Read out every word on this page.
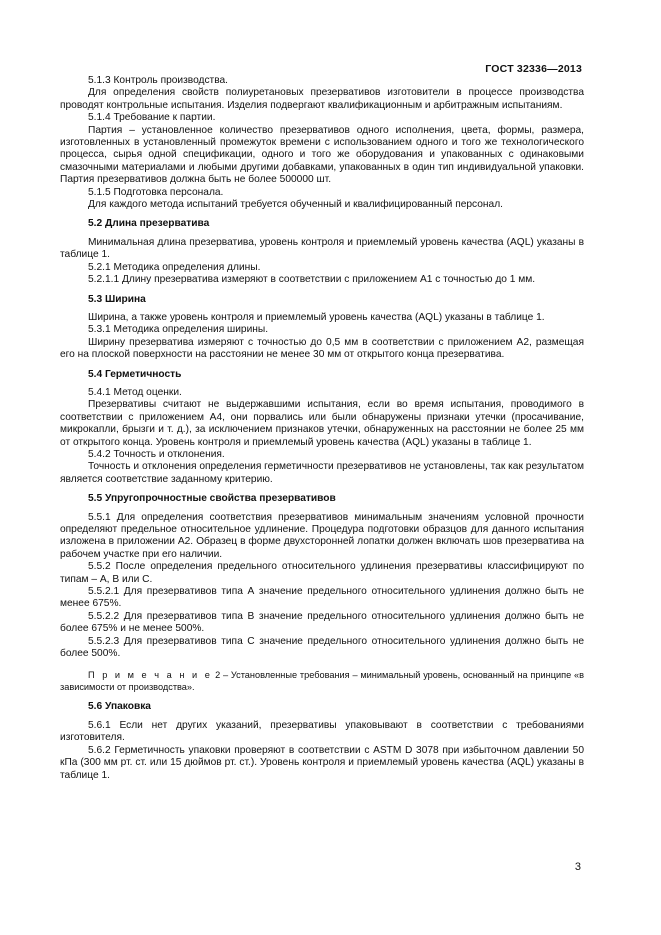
ГОСТ 32336—2013

5.1.3 Контроль производства.

Для определения свойств полиуретановых презервативов изготовители в процессе производства проводят контрольные испытания. Изделия подвергают квалификационным и арбитражным испытаниям.

5.1.4 Требование к партии.

Партия – установленное количество презервативов одного исполнения, цвета, формы, размера, изготовленных в установленный промежуток времени с использованием одного и того же технологического процесса, сырья одной спецификации, одного и того же оборудования и упакованных с одинаковыми смазочными материалами и любыми другими добавками, упакованных в один тип индивидуальной упаковки. Партия презервативов должна быть не более 500000 шт.

5.1.5 Подготовка персонала.

Для каждого метода испытаний требуется обученный и квалифицированный персонал.

5.2 Длина презерватива

Минимальная длина презерватива, уровень контроля и приемлемый уровень качества (AQL) указаны в таблице 1.

5.2.1 Методика определения длины.

5.2.1.1 Длину презерватива измеряют в соответствии с приложением А1 с точностью до 1 мм.

5.3 Ширина

Ширина, а также уровень контроля и приемлемый уровень качества (AQL) указаны в таблице 1.

5.3.1 Методика определения ширины.

Ширину презерватива измеряют с точностью до 0,5 мм в соответствии с приложением А2, размещая его на плоской поверхности на расстоянии не менее 30 мм от открытого конца презерватива.

5.4 Герметичность

5.4.1 Метод оценки.

Презервативы считают не выдержавшими испытания, если во время испытания, проводимого в соответствии с приложением А4, они порвались или были обнаружены признаки утечки (просачивание, микрокапли, брызги и т. д.), за исключением признаков утечки, обнаруженных на расстоянии не более 25 мм от открытого конца. Уровень контроля и приемлемый уровень качества (AQL) указаны в таблице 1.

5.4.2 Точность и отклонения.

Точность и отклонения определения герметичности презервативов не установлены, так как результатом является соответствие заданному критерию.

5.5 Упругопрочностные свойства презервативов

5.5.1 Для определения соответствия презервативов минимальным значениям условной прочности определяют предельное относительное удлинение. Процедура подготовки образцов для данного испытания изложена в приложении А2. Образец в форме двухсторонней лопатки должен включать шов презерватива на рабочем участке при его наличии.

5.5.2 После определения предельного относительного удлинения презервативы классифицируют по типам – А, В или С.

5.5.2.1 Для презервативов типа А значение предельного относительного удлинения должно быть не менее 675%.

5.5.2.2 Для презервативов типа В значение предельного относительного удлинения должно быть не более 675% и не менее 500%.

5.5.2.3 Для презервативов типа С значение предельного относительного удлинения должно быть не более 500%.

П р и м е ч а н и е 2 – Установленные требования – минимальный уровень, основанный на принципе «в зависимости от производства».

5.6 Упаковка

5.6.1 Если нет других указаний, презервативы упаковывают в соответствии с требованиями изготовителя.

5.6.2 Герметичность упаковки проверяют в соответствии с ASTM D 3078 при избыточном давлении 50 кПа (300 мм рт. ст. или 15 дюймов рт. ст.). Уровень контроля и приемлемый уровень качества (AQL) указаны в таблице 1.

3
